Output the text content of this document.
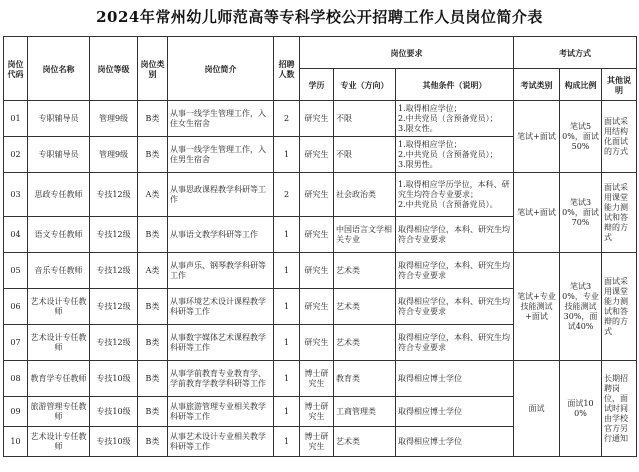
2024年常州幼儿师范高等专科学校公开招聘工作人员岗位简介表
岗位代码	岗位名称	岗位等级	岗位类别	岗位简介	招聘人数	岗位要求			考试方式		
						学历	专业（方向）	其他条件（说明）	考试类别	构成比例	其他说明
01	专职辅导员	管理9级	B类	从事一线学生管理工作，入住女生宿舍	2	研究生	不限	1.取得相应学位；
2.中共党员（含预备党员）；
3.限女性。	笔试+面试	笔试50%，面试50%	面试采用结构化面试的方式
02	专职辅导员	管理9级	B类	从事一线学生管理工作，入住男生宿舍	1	研究生	不限	1.取得相应学位；
2.中共党员（含预备党员）；
3.限男性。			

03	思政专任教师	专技12级	A类	从事思政课程教学科研等工作	2	研究生	社会政治类	1.取得相应学历学位，本科、研究生均符合专业要求；
2.中共党员（含预备党员）。	笔试+面试	笔试30%，面试70%	面试采用课堂能力测试和答辩的方式
04	语文专任教师	专技12级	B类	从事语文教学科研等工作	1	研究生	中国语言文学相关专业	取得相应学位，本科、研究生均符合专业要求			

05	音乐专任教师	专技12级	A类	从事声乐、钢琴教学科研等工作	1	研究生	艺术类	取得相应学位，本科、研究生均符合专业要求	笔试+专业技能测试+面试	笔试30%，专业技能测试30%，面试40%	面试采用课堂能力测试和答辩的方式
06	艺术设计专任教师	专技12级	B类	从事环境艺术设计课程教学科研等工作	1	研究生	艺术类	取得相应学位，本科、研究生均符合专业要求			

07	艺术设计专任教师	专技12级	B类	从事数字媒体艺术课程教学科研等工作	1	研究生	艺术类	取得相应学位，本科、研究生均符合专业要求			

08	教育学专任教师	专技10级	B类	从事学前教育专业教育学、学前教育学教学科研等工作	1	博士研究生	教育类	取得相应博士学位	面试	面试100%	长期招聘岗位，面试时间由学校官方另行通知
09	旅游管理专任教师	专技10级	B类	从事旅游管理专业相关教学科研等工作	1	博士研究生	工商管理类	取得相应博士学位			

10	艺术设计专任教师	专技10级	B类	从事艺术设计专业相关教学科研等工作	1	博士研究生	艺术类	取得相应博士学位			
